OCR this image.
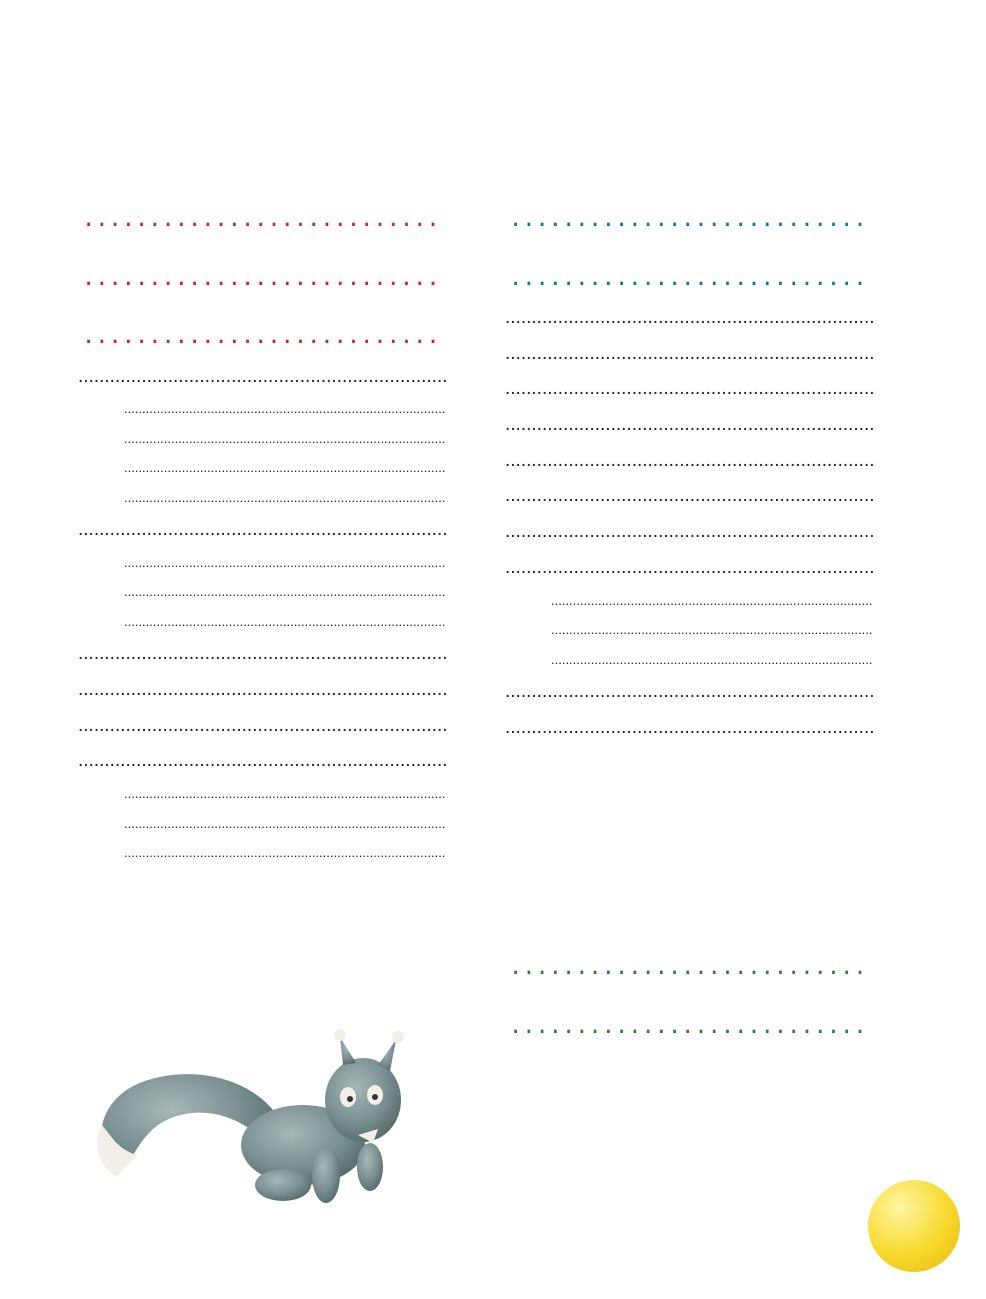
.....
.....
.....
.....
.....
.....
.....
.....
.....
.....
.....
.....
.....
.....
.....
.....
.....
.....
.....
.....
.....
.....
.....
.....
.....
.....
.....
.....
.....
.....
.....
.....
.....
.....
.....
.....
